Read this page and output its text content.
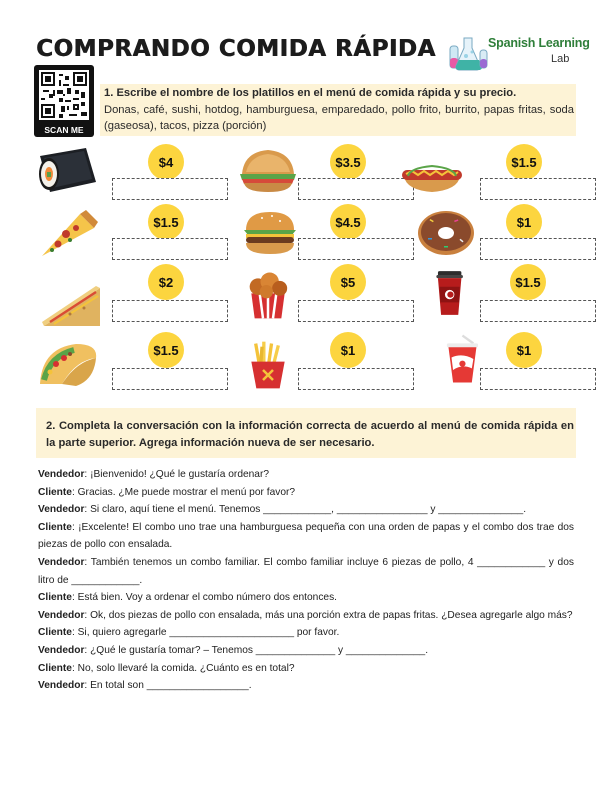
COMPRANDO COMIDA RÁPIDA	Spanish Learning
Lab
SCAN ME
1. Escribe el nombre de los platillos en el menú de comida rápida y su precio.
Donas, café, sushi, hotdog, hamburguesa, emparedado, pollo frito, burrito, papas fritas, soda (gaseosa), tacos, pizza (porción)
$4	$3.5	$1.5
$1.5	$4.5	$1
$2	$5	$1.5
$1.5	$1	$1
2. Completa la conversación con la información correcta de acuerdo al menú de comida rápida en la parte superior. Agrega información nueva de ser necesario.
Vendedor: ¡Bienvenido! ¿Qué le gustaría ordenar?
Cliente: Gracias. ¿Me puede mostrar el menú por favor?
Vendedor: Si claro, aquí tiene el menú. Tenemos ____________, ________________ y _______________.
Cliente: ¡Excelente! El combo uno trae una hamburguesa pequeña con una orden de papas y el combo dos trae dos piezas de pollo con ensalada.
Vendedor: También tenemos un combo familiar. El combo familiar incluye 6 piezas de pollo, 4 ____________ y dos litro de ____________.
Cliente: Está bien. Voy a ordenar el combo número dos entonces.
Vendedor: Ok, dos piezas de pollo con ensalada, más una porción extra de papas fritas. ¿Desea agregarle algo más?
Cliente: Si, quiero agregarle ______________________ por favor.
Vendedor: ¿Qué le gustaría tomar? – Tenemos ______________ y ______________.
Cliente: No, solo llevaré la comida. ¿Cuánto es en total?
Vendedor: En total son __________________.
